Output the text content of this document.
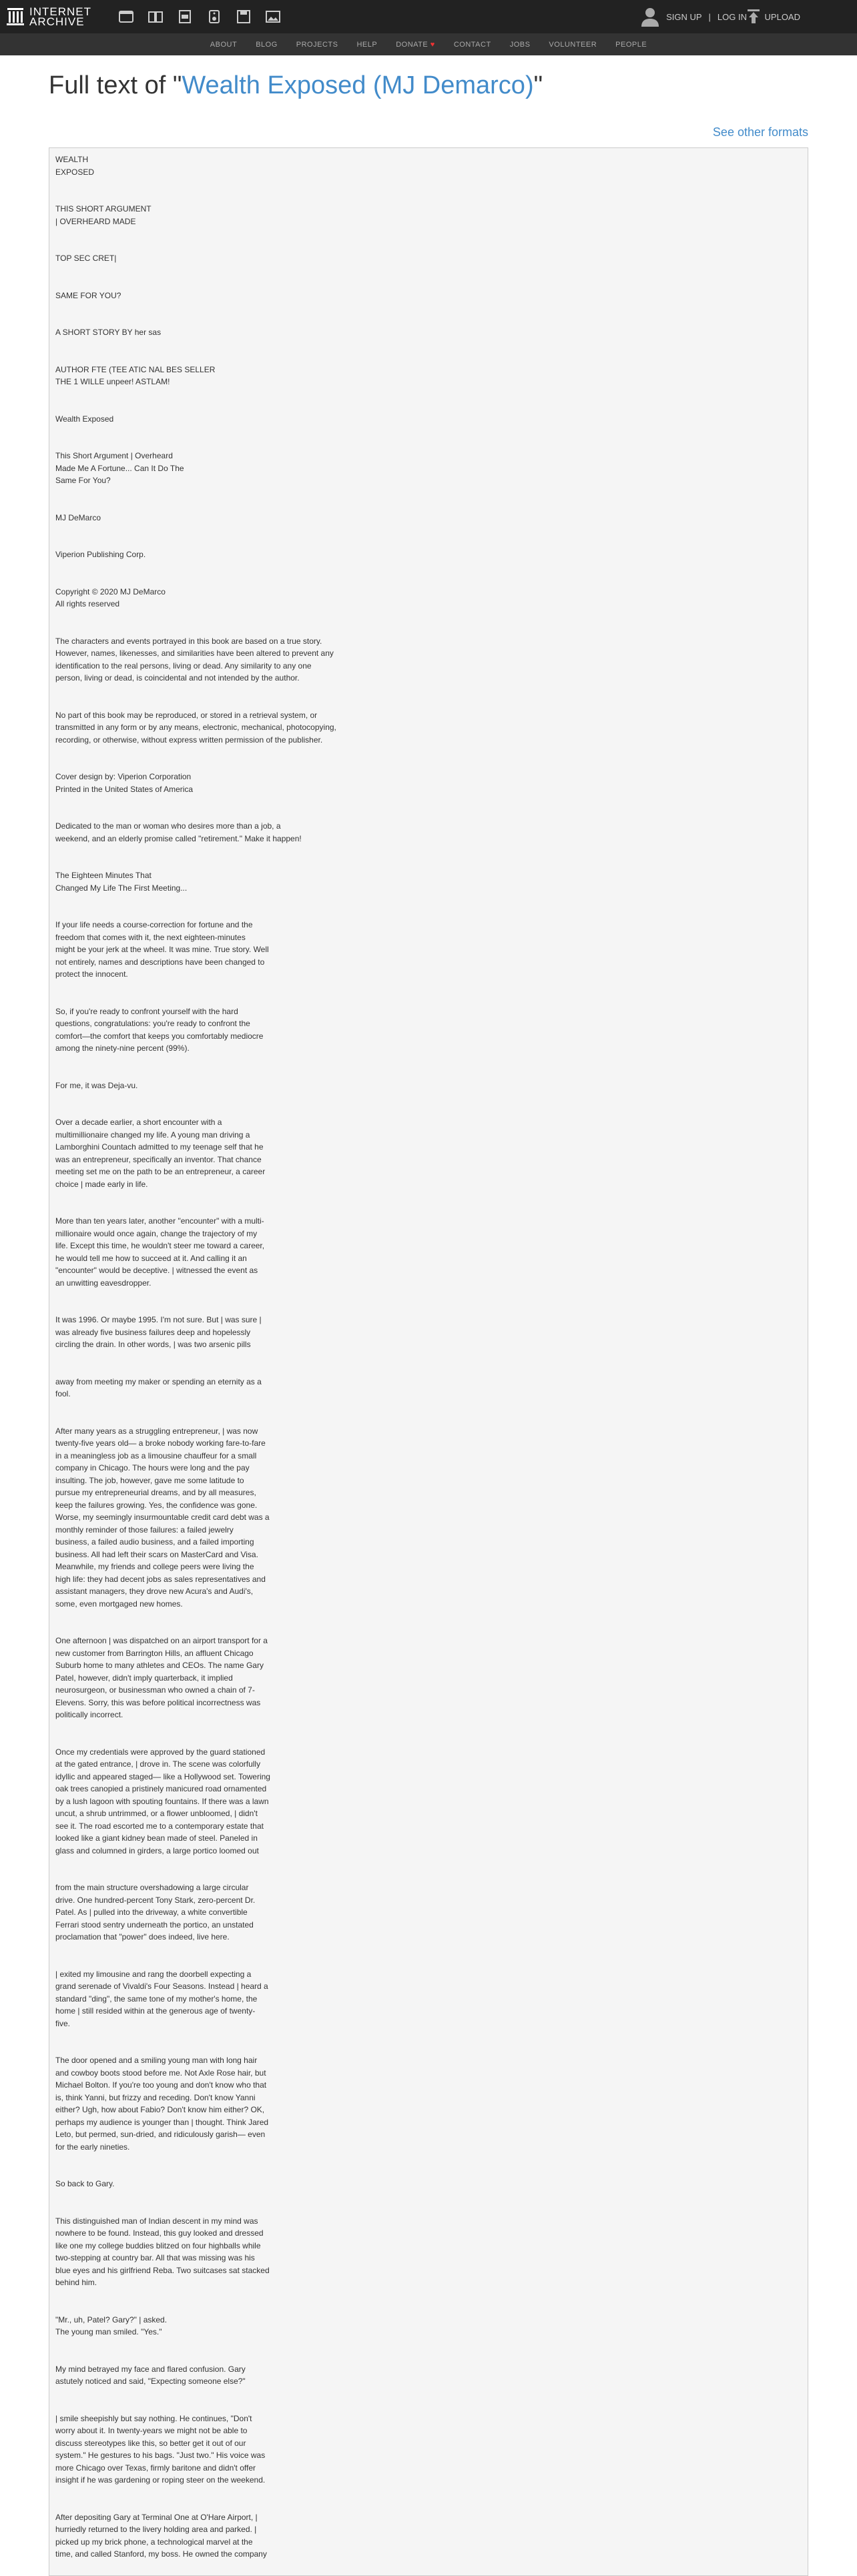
INTERNET
ARCHIVE	SIGN UP | LOG IN UPLOAD
ABOUT	BLOG	PROJECTS	HELP	DONATE ♥	CONTACT	JOBS	VOLUNTEER	PEOPLE
Full text of "Wealth Exposed (MJ Demarco)"
See other formats
WEALTH
EXPOSED
THIS SHORT ARGUMENT
| OVERHEARD MADE
TOP SEC CRET|
SAME FOR YOU?
A SHORT STORY BY her sas
AUTHOR FTE (TEE ATIC NAL BES SELLER
THE 1 WILLE unpeer! ASTLAM!
Wealth Exposed
This Short Argument | Overheard
Made Me A Fortune... Can It Do The
Same For You?
MJ DeMarco
Viperion Publishing Corp.
Copyright © 2020 MJ DeMarco
All rights reserved
The characters and events portrayed in this book are based on a true story.
However, names, likenesses, and similarities have been altered to prevent any
identification to the real persons, living or dead. Any similarity to any one
person, living or dead, is coincidental and not intended by the author.
No part of this book may be reproduced, or stored in a retrieval system, or
transmitted in any form or by any means, electronic, mechanical, photocopying,
recording, or otherwise, without express written permission of the publisher.
Cover design by: Viperion Corporation
Printed in the United States of America
Dedicated to the man or woman who desires more than a job, a
weekend, and an elderly promise called "retirement." Make it happen!
The Eighteen Minutes That
Changed My Life The First Meeting...
If your life needs a course-correction for fortune and the
freedom that comes with it, the next eighteen-minutes
might be your jerk at the wheel. It was mine. True story. Well
not entirely, names and descriptions have been changed to
protect the innocent.
So, if you're ready to confront yourself with the hard
questions, congratulations: you're ready to confront the
comfort—the comfort that keeps you comfortably mediocre
among the ninety-nine percent (99%).
For me, it was Deja-vu.
Over a decade earlier, a short encounter with a
multimillionaire changed my life. A young man driving a
Lamborghini Countach admitted to my teenage self that he
was an entrepreneur, specifically an inventor. That chance
meeting set me on the path to be an entrepreneur, a career
choice | made early in life.
More than ten years later, another "encounter" with a multi-
millionaire would once again, change the trajectory of my
life. Except this time, he wouldn't steer me toward a career,
he would tell me how to succeed at it. And calling it an
"encounter" would be deceptive. | witnessed the event as
an unwitting eavesdropper.
It was 1996. Or maybe 1995. I'm not sure. But | was sure |
was already five business failures deep and hopelessly
circling the drain. In other words, | was two arsenic pills
away from meeting my maker or spending an eternity as a
fool.
After many years as a struggling entrepreneur, | was now
twenty-five years old— a broke nobody working fare-to-fare
in a meaningless job as a limousine chauffeur for a small
company in Chicago. The hours were long and the pay
insulting. The job, however, gave me some latitude to
pursue my entrepreneurial dreams, and by all measures,
keep the failures growing. Yes, the confidence was gone.
Worse, my seemingly insurmountable credit card debt was a
monthly reminder of those failures: a failed jewelry
business, a failed audio business, and a failed importing
business. All had left their scars on MasterCard and Visa.
Meanwhile, my friends and college peers were living the
high life: they had decent jobs as sales representatives and
assistant managers, they drove new Acura's and Audi's,
some, even mortgaged new homes.
One afternoon | was dispatched on an airport transport for a
new customer from Barrington Hills, an affluent Chicago
Suburb home to many athletes and CEOs. The name Gary
Patel, however, didn't imply quarterback, it implied
neurosurgeon, or businessman who owned a chain of 7-
Elevens. Sorry, this was before political incorrectness was
politically incorrect.
Once my credentials were approved by the guard stationed
at the gated entrance, | drove in. The scene was colorfully
idyllic and appeared staged— like a Hollywood set. Towering
oak trees canopied a pristinely manicured road ornamented
by a lush lagoon with spouting fountains. If there was a lawn
uncut, a shrub untrimmed, or a flower unbloomed, | didn't
see it. The road escorted me to a contemporary estate that
looked like a giant kidney bean made of steel. Paneled in
glass and columned in girders, a large portico loomed out
from the main structure overshadowing a large circular
drive. One hundred-percent Tony Stark, zero-percent Dr.
Patel. As | pulled into the driveway, a white convertible
Ferrari stood sentry underneath the portico, an unstated
proclamation that "power" does indeed, live here.
| exited my limousine and rang the doorbell expecting a
grand serenade of Vivaldi's Four Seasons. Instead | heard a
standard "ding", the same tone of my mother's home, the
home | still resided within at the generous age of twenty-
five.
The door opened and a smiling young man with long hair
and cowboy boots stood before me. Not Axle Rose hair, but
Michael Bolton. If you're too young and don't know who that
is, think Yanni, but frizzy and receding. Don't know Yanni
either? Ugh, how about Fabio? Don't know him either? OK,
perhaps my audience is younger than | thought. Think Jared
Leto, but permed, sun-dried, and ridiculously garish— even
for the early nineties.
So back to Gary.
This distinguished man of Indian descent in my mind was
nowhere to be found. Instead, this guy looked and dressed
like one my college buddies blitzed on four highballs while
two-stepping at country bar. All that was missing was his
blue eyes and his girlfriend Reba. Two suitcases sat stacked
behind him.
"Mr., uh, Patel? Gary?" | asked.
The young man smiled. "Yes."
My mind betrayed my face and flared confusion. Gary
astutely noticed and said, "Expecting someone else?"
| smile sheepishly but say nothing. He continues, "Don't
worry about it. In twenty-years we might not be able to
discuss stereotypes like this, so better get it out of our
system." He gestures to his bags. "Just two." His voice was
more Chicago over Texas, firmly baritone and didn't offer
insight if he was gardening or roping steer on the weekend.
After depositing Gary at Terminal One at O'Hare Airport, |
hurriedly returned to the livery holding area and parked. |
picked up my brick phone, a technological marvel at the
time, and called Stanford, my boss. He owned the company
